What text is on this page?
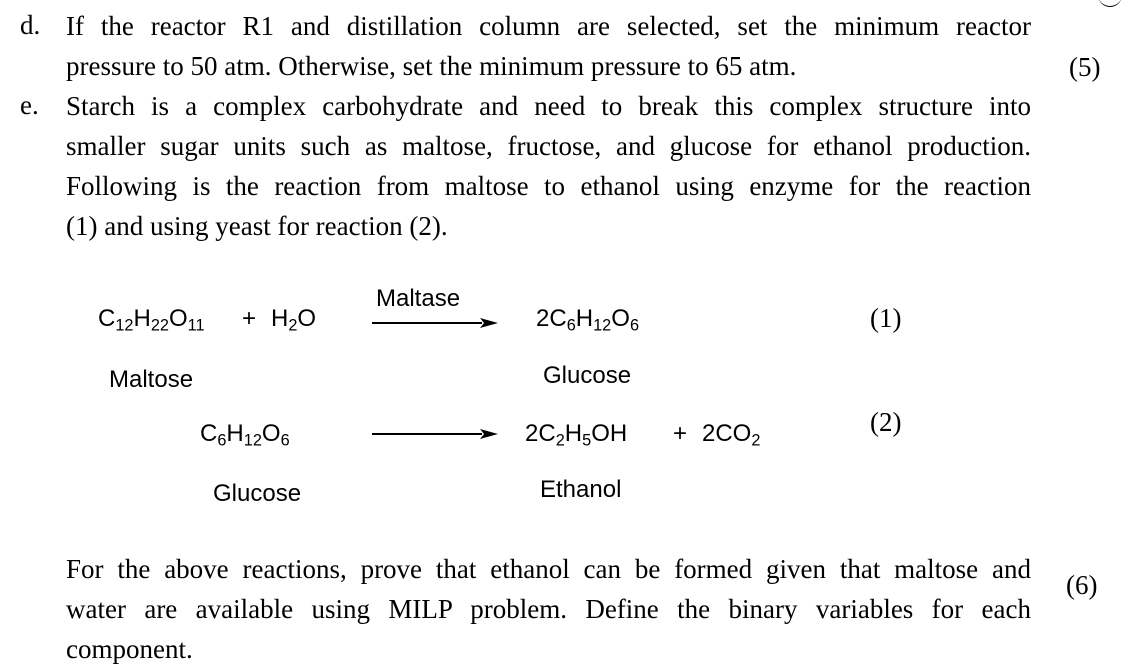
d. If the reactor R1 and distillation column are selected, set the minimum reactor
pressure to 50 atm. Otherwise, set the minimum pressure to 65 atm.	(5)
e. Starch is a complex carbohydrate and need to break this complex structure into
smaller sugar units such as maltose, fructose, and glucose for ethanol production.
Following is the reaction from maltose to ethanol using enzyme for the reaction
(1) and using yeast for reaction (2).
$C_{12}H_{22}O_{11} + H_2O$
Maltase
$2C_6H_{12}O_6$	(1)
Maltose	Glucose
$C_6H_{12}O_6$	$2C_2H_5OH + 2CO_2$
(2)
Glucose	Ethanol
For the above reactions, prove that ethanol can be formed given that maltose and
water are available using MILP problem. Define the binary variables for each
component.
(6)
